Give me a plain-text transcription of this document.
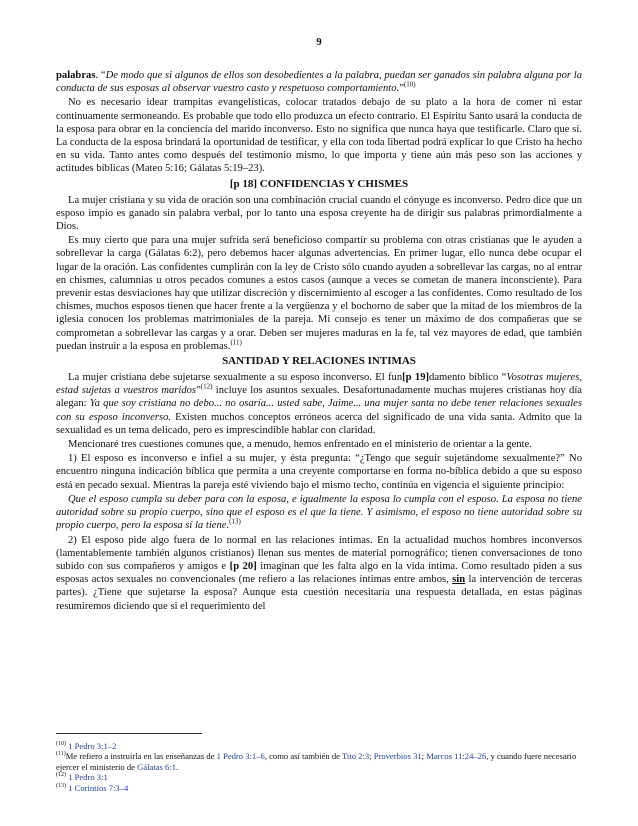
9

palabras. “De modo que si algunos de ellos son desobedientes a la palabra, puedan ser ganados sin palabra alguna por la conducta de sus esposas al observar vuestro casto y respetuoso comportamiento.”$^{(10)}$

No es necesario idear trampitas evangelísticas, colocar tratados debajo de su plato a la hora de comer ni estar continuamente sermoneando. Es probable que todo ello produzca un efecto contrario. El Espíritu Santo usará la conducta de la esposa para obrar en la conciencia del marido inconverso. Esto no significa que nunca haya que testificarle. Claro que sí. La conducta de la esposa brindará la oportunidad de testificar, y ella con toda libertad podrá explicar lo que Cristo ha hecho en su vida. Tanto antes como después del testimonio mismo, lo que importa y tiene aún más peso son las acciones y actitudes bíblicas (Mateo 5:16; Gálatas 5:19–23).

[p 18] CONFIDENCIAS Y CHISMES

La mujer cristiana y su vida de oración son una combinación crucial cuando el cónyuge es inconverso. Pedro dice que un esposo impío es ganado sin palabra verbal, por lo tanto una esposa creyente ha de dirigir sus palabras primordialmente a Dios.

Es muy cierto que para una mujer sufrida será beneficioso compartir su problema con otras cristianas que le ayuden a sobrellevar la carga (Gálatas 6:2), pero debemos hacer algunas advertencias. En primer lugar, ello nunca debe ocupar el lugar de la oración. Las confidentes cumplirán con la ley de Cristo sólo cuando ayuden a sobrellevar las cargas, no al entrar en chismes, calumnias u otros pecados comunes a estos casos (aunque a veces se cometan de manera inconsciente). Para prevenir estas desviaciones hay que utilizar discreción y discernimiento al escoger a las confidentes. Como resultado de los chismes, muchos esposos tienen que hacer frente a la vergüenza y el bochorno de saber que la mitad de los miembros de la iglesia conocen los problemas matrimoniales de la pareja. Mi consejo es tener un máximo de dos compañeras que se comprometan a sobrellevar las cargas y a orar. Deben ser mujeres maduras en la fe, tal vez mayores de edad, que también puedan instruir a la esposa en problemas.$^{(11)}$

SANTIDAD Y RELACIONES INTIMAS

La mujer cristiana debe sujetarse sexualmente a su esposo inconverso. El fun[p 19]damento bíblico “Vosotras mujeres, estad sujetas a vuestros maridos”$^{(12)}$ incluye los asuntos sexuales. Desafortunadamente muchas mujeres cristianas hoy día alegan: Ya que soy cristiana no debo... no osaría... usted sabe, Jaime... una mujer santa no debe tener relaciones sexuales con su esposo inconverso. Existen muchos conceptos erróneos acerca del significado de una vida santa. Admito que la sexualidad es un tema delicado, pero es imprescindible hablar con claridad.

Mencionaré tres cuestiones comunes que, a menudo, hemos enfrentado en el ministerio de orientar a la gente.

1) El esposo es inconverso e infiel a su mujer, y ésta pregunta: “¿Tengo que seguir sujetándome sexualmente?” No encuentro ninguna indicación bíblica que permita a una creyente comportarse en forma no-bíblica debido a que su esposo está en pecado sexual. Mientras la pareja esté viviendo bajo el mismo techo, continúa en vigencia el siguiente principio:

Que el esposo cumpla su deber para con la esposa, e igualmente la esposa lo cumpla con el esposo. La esposa no tiene autoridad sobre su propio cuerpo, sino que el esposo es el que la tiene. Y asimismo, el esposo no tiene autoridad sobre su propio cuerpo, pero la esposa sí la tiene.$^{(13)}$

2) El esposo pide algo fuera de lo normal en las relaciones íntimas. En la actualidad muchos hombres inconversos (lamentablemente también algunos cristianos) llenan sus mentes de material pornográfico; tienen conversaciones de tono subido con sus compañeros y amigos e [p 20] imaginan que les falta algo en la vida íntima. Como resultado piden a sus esposas actos sexuales no convencionales (me refiero a las relaciones íntimas entre ambos, sin la intervención de terceras partes). ¿Tiene que sujetarse la esposa? Aunque esta cuestión necesitaría una respuesta detallada, en estas páginas resumiremos diciendo que si el requerimiento del

$^{(10)}$ 1 Pedro 3:1–2
$^{(11)}$Me refiero a instruirla en las enseñanzas de 1 Pedro 3:1–6, como así también de Tito 2:3; Proverbios 31; Marcos 11:24–26, y cuando fuere necesario ejercer el ministerio de Gálatas 6:1.
$^{(12)}$ 1 Pedro 3:1
$^{(13)}$ 1 Corintios 7:3–4
